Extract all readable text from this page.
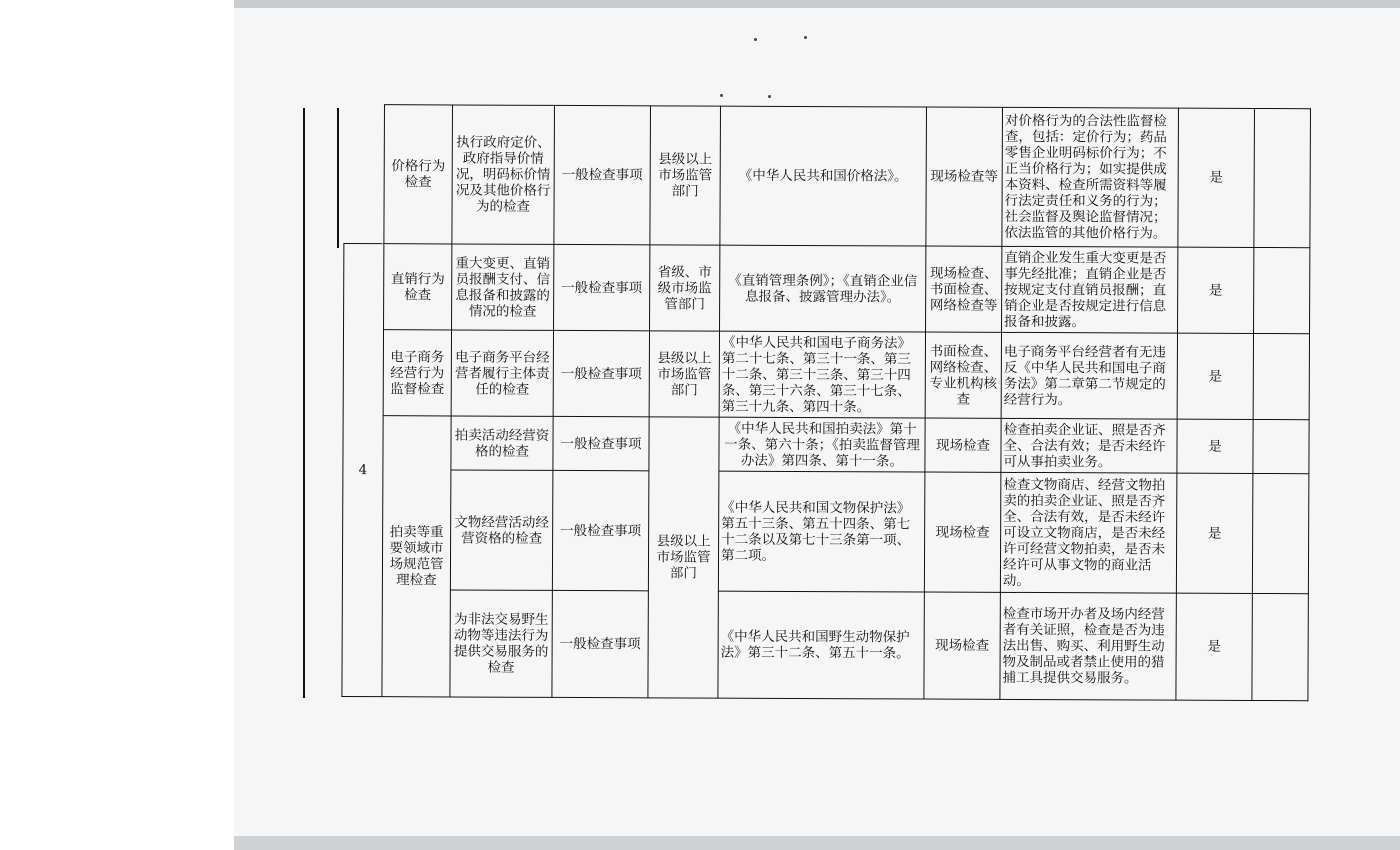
	价格行为检查	执行政府定价、政府指导价情况，明码标价情况及其他价格行为的检查	一般检查事项	县级以上市场监管部门	《中华人民共和国价格法》。	现场检查等	对价格行为的合法性监督检查，包括：定价行为；药品零售企业明码标价行为；不正当价格行为；如实提供成本资料、检查所需资料等履行法定责任和义务的行为；社会监督及舆论监督情况；依法监管的其他价格行为。	是	
4	直销行为检查	重大变更、直销员报酬支付、信息报备和披露的情况的检查	一般检查事项	省级、市级市场监管部门	《直销管理条例》；《直销企业信息报备、披露管理办法》。	现场检查、书面检查、网络检查等	直销企业发生重大变更是否事先经批准；直销企业是否按规定支付直销员报酬；直销企业是否按规定进行信息报备和披露。	是	
	电子商务经营行为监督检查	电子商务平台经营者履行主体责任的检查	一般检查事项	县级以上市场监管部门	《中华人民共和国电子商务法》第二十七条、第三十一条、第三十二条、第三十三条、第三十四条、第三十六条、第三十七条、第三十九条、第四十条。	书面检查、网络检查、专业机构核查	电子商务平台经营者有无违反《中华人民共和国电子商务法》第二章第二节规定的经营行为。	是	
	拍卖等重要领域市场规范管理检查	拍卖活动经营资格的检查	一般检查事项	县级以上市场监管部门	《中华人民共和国拍卖法》第十一条、第六十条；《拍卖监督管理办法》第四条、第十一条。	现场检查	检查拍卖企业证、照是否齐全、合法有效；是否未经许可从事拍卖业务。	是	
		文物经营活动经营资格的检查	一般检查事项		《中华人民共和国文物保护法》第五十三条、第五十四条、第七十二条以及第七十三条第一项、第二项。	现场检查	检查文物商店、经营文物拍卖的拍卖企业证、照是否齐全、合法有效，是否未经许可设立文物商店，是否未经许可经营文物拍卖，是否未经许可从事文物的商业活动。	是	
		为非法交易野生动物等违法行为提供交易服务的检查	一般检查事项		《中华人民共和国野生动物保护法》第三十二条、第五十一条。	现场检查	检查市场开办者及场内经营者有关证照，检查是否为违法出售、购买、利用野生动物及制品或者禁止使用的猎捕工具提供交易服务。	是	
